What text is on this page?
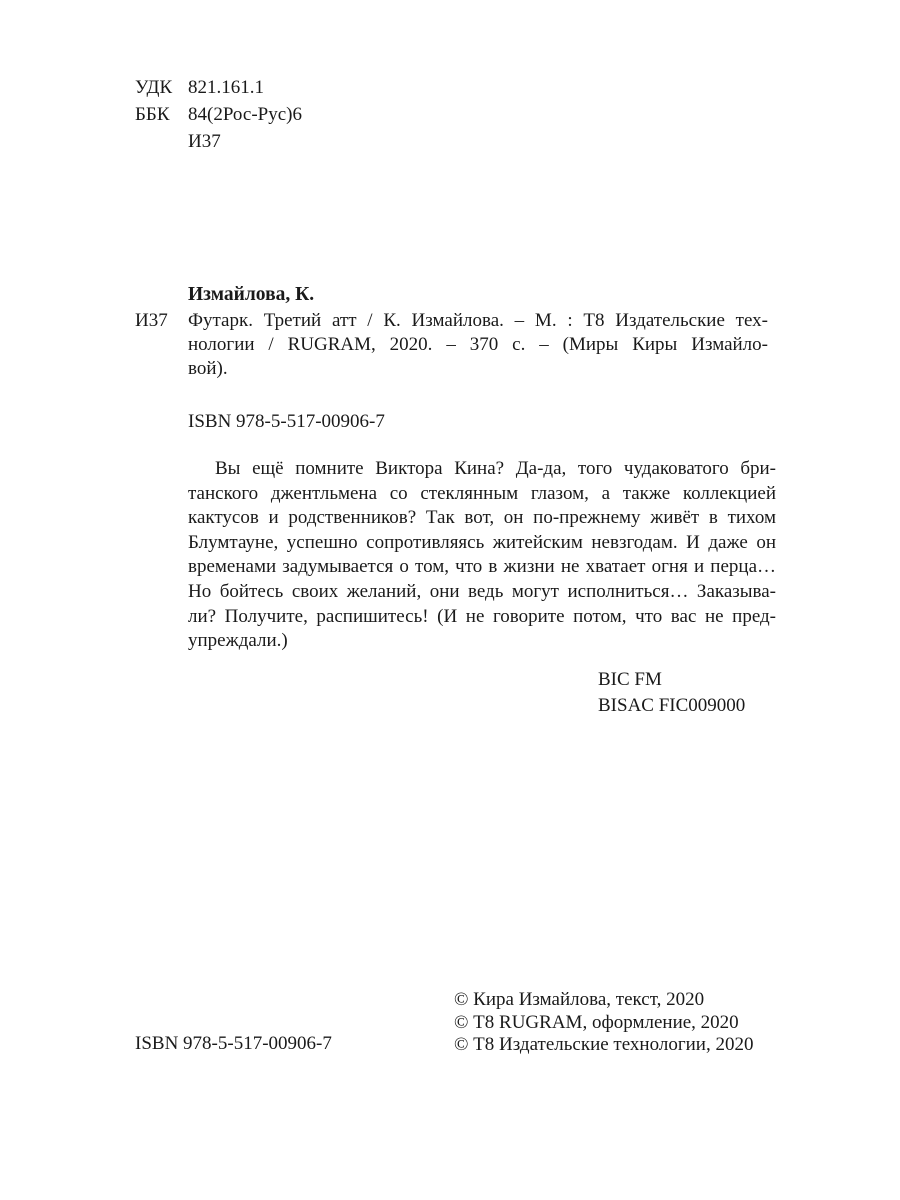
УДК 821.161.1
ББК 84(2Рос-Рус)6
И37
Измайлова, К.
И37 Футарк. Третий атт / К. Измайлова. – М. : Т8 Издательские тех-
нологии / RUGRAM, 2020. – 370 с. – (Миры Киры Измайло-
вой).
ISBN 978-5-517-00906-7
Вы ещё помните Виктора Кина? Да-да, того чудаковатого бри-
танского джентльмена со стеклянным глазом, а также коллекцией
кактусов и родственников? Так вот, он по-прежнему живёт в тихом
Блумтауне, успешно сопротивляясь житейским невзгодам. И даже он
временами задумывается о том, что в жизни не хватает огня и перца…
Но бойтесь своих желаний, они ведь могут исполниться… Заказыва-
ли? Получите, распишитесь! (И не говорите потом, что вас не пред-
упреждали.)
BIC FM
BISAC FIC009000
ISBN 978-5-517-00906-7
© Кира Измайлова, текст, 2020
© Т8 RUGRAM, оформление, 2020
© Т8 Издательские технологии, 2020
